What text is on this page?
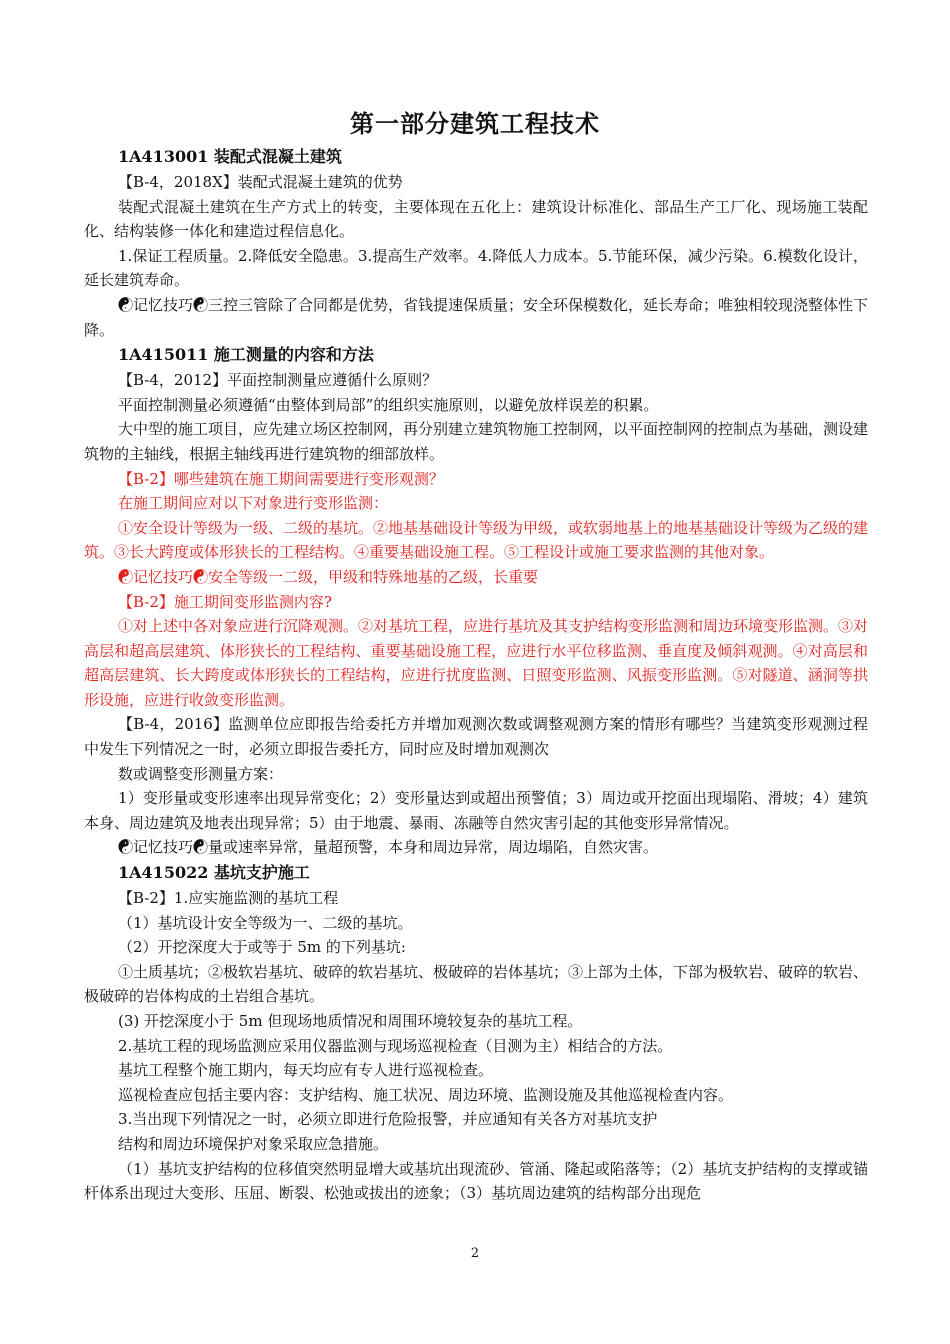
第一部分建筑工程技术

1A413001 装配式混凝土建筑

【B-4，2018X】装配式混凝土建筑的优势

装配式混凝土建筑在生产方式上的转变，主要体现在五化上：建筑设计标准化、部品生产工厂化、现场施工装配化、结构装修一体化和建造过程信息化。

1.保证工程质量。2.降低安全隐患。3.提高生产效率。4.降低人力成本。5.节能环保，减少污染。6.模数化设计，延长建筑寿命。

☯记忆技巧☯三控三管除了合同都是优势，省钱提速保质量；安全环保模数化，延长寿命；唯独相较现浇整体性下降。

1A415011 施工测量的内容和方法

【B-4，2012】平面控制测量应遵循什么原则？

平面控制测量必须遵循“由整体到局部”的组织实施原则，以避免放样误差的积累。

大中型的施工项目，应先建立场区控制网，再分别建立建筑物施工控制网，以平面控制网的控制点为基础，测设建筑物的主轴线，根据主轴线再进行建筑物的细部放样。

【B-2】哪些建筑在施工期间需要进行变形观测？

在施工期间应对以下对象进行变形监测：

①安全设计等级为一级、二级的基坑。②地基基础设计等级为甲级，或软弱地基上的地基基础设计等级为乙级的建筑。③长大跨度或体形狭长的工程结构。④重要基础设施工程。⑤工程设计或施工要求监测的其他对象。

☯记忆技巧☯安全等级一二级，甲级和特殊地基的乙级，长重要

【B-2】施工期间变形监测内容?

①对上述中各对象应进行沉降观测。②对基坑工程，应进行基坑及其支护结构变形监测和周边环境变形监测。③对高层和超高层建筑、体形狭长的工程结构、重要基础设施工程，应进行水平位移监测、垂直度及倾斜观测。④对高层和超高层建筑、长大跨度或体形狭长的工程结构，应进行扰度监测、日照变形监测、风振变形监测。⑤对隧道、涵洞等拱形设施，应进行收敛变形监测。

【B-4，2016】监测单位应即报告给委托方并增加观测次数或调整观测方案的情形有哪些？当建筑变形观测过程中发生下列情况之一时，必须立即报告委托方，同时应及时增加观测次

数或调整变形测量方案：

1）变形量或变形速率出现异常变化；2）变形量达到或超出预警值；3）周边或开挖面出现塌陷、滑坡；4）建筑本身、周边建筑及地表出现异常；5）由于地震、暴雨、冻融等自然灾害引起的其他变形异常情况。

☯记忆技巧☯量或速率异常，量超预警，本身和周边异常，周边塌陷，自然灾害。

1A415022 基坑支护施工

【B-2】1.应实施监测的基坑工程

（1）基坑设计安全等级为一、二级的基坑。

（2）开挖深度大于或等于 5m 的下列基坑:

①土质基坑；②极软岩基坑、破碎的软岩基坑、极破碎的岩体基坑；③上部为土体，下部为极软岩、破碎的软岩、极破碎的岩体构成的土岩组合基坑。

(3) 开挖深度小于 5m 但现场地质情况和周围环境较复杂的基坑工程。

2.基坑工程的现场监测应采用仪器监测与现场巡视检查（目测为主）相结合的方法。

基坑工程整个施工期内，每天均应有专人进行巡视检查。

巡视检查应包括主要内容：支护结构、施工状况、周边环境、监测设施及其他巡视检查内容。

3.当出现下列情况之一时，必须立即进行危险报警，并应通知有关各方对基坑支护

结构和周边环境保护对象采取应急措施。

（1）基坑支护结构的位移值突然明显增大或基坑出现流砂、管涌、隆起或陷落等；（2）基坑支护结构的支撑或锚杆体系出现过大变形、压屈、断裂、松弛或拔出的迹象；（3）基坑周边建筑的结构部分出现危

2
